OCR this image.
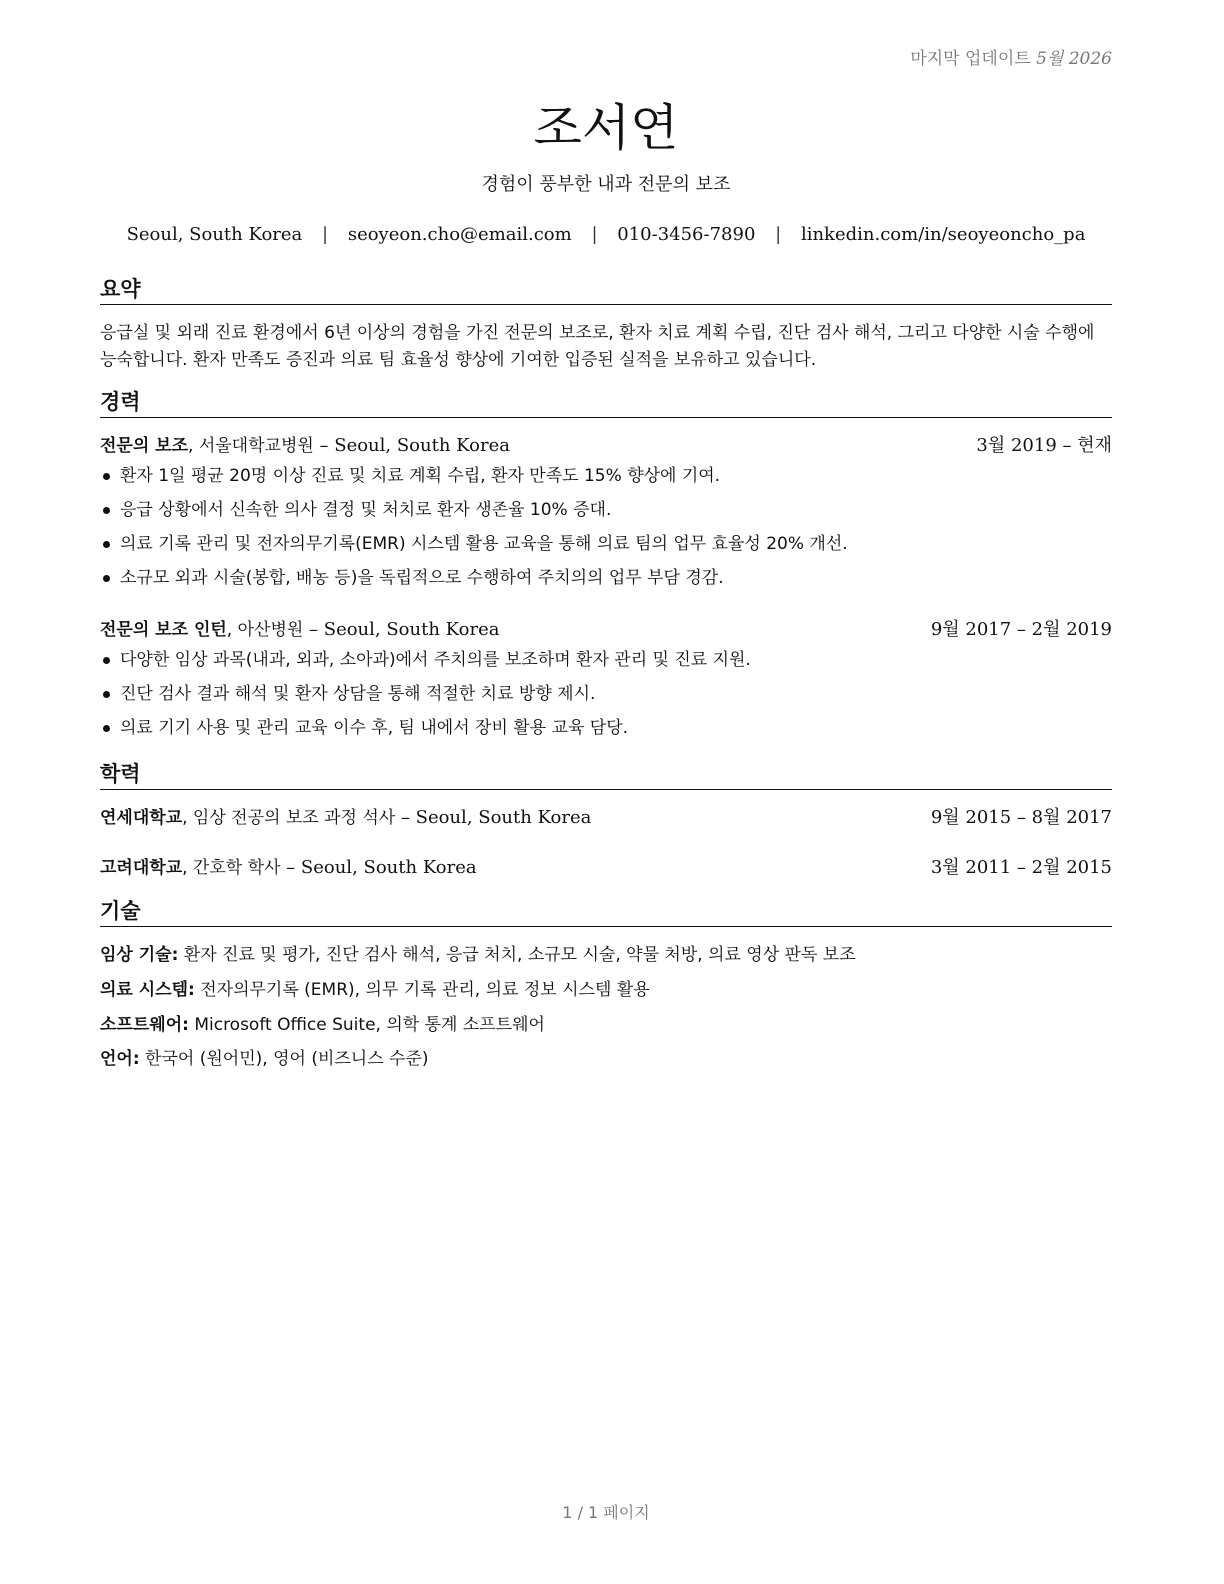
마지막 업데이트 5월 2026
조서연

경험이 풍부한 내과 전문의 보조

Seoul, South Korea | seoyeon.cho@email.com | 010-3456-7890 | linkedin.com/in/seoyeoncho_pa
요약

응급실 및 외래 진료 환경에서 6년 이상의 경험을 가진 전문의 보조로, 환자 치료 계획 수립, 진단 검사 해석, 그리고 다양한 시술 수행에 능숙합니다. 환자 만족도 증진과 의료 팀 효율성 향상에 기여한 입증된 실적을 보유하고 있습니다.

경력
전문의 보조, 서울대학교병원 – Seoul, South Korea	3월 2019 – 현재
환자 1일 평균 20명 이상 진료 및 치료 계획 수립, 환자 만족도 15% 향상에 기여.
응급 상황에서 신속한 의사 결정 및 처치로 환자 생존율 10% 증대.
의료 기록 관리 및 전자의무기록(EMR) 시스템 활용 교육을 통해 의료 팀의 업무 효율성 20% 개선.
소규모 외과 시술(봉합, 배농 등)을 독립적으로 수행하여 주치의의 업무 부담 경감.
전문의 보조 인턴, 아산병원 – Seoul, South Korea	9월 2017 – 2월 2019
다양한 임상 과목(내과, 외과, 소아과)에서 주치의를 보조하며 환자 관리 및 진료 지원.
진단 검사 결과 해석 및 환자 상담을 통해 적절한 치료 방향 제시.
의료 기기 사용 및 관리 교육 이수 후, 팀 내에서 장비 활용 교육 담당.
학력
연세대학교, 임상 전공의 보조 과정 석사 – Seoul, South Korea	9월 2015 – 8월 2017
고려대학교, 간호학 학사 – Seoul, South Korea	3월 2011 – 2월 2015
기술
임상 기술: 환자 진료 및 평가, 진단 검사 해석, 응급 처치, 소규모 시술, 약물 처방, 의료 영상 판독 보조
의료 시스템: 전자의무기록 (EMR), 의무 기록 관리, 의료 정보 시스템 활용
소프트웨어: Microsoft Office Suite, 의학 통계 소프트웨어
언어: 한국어 (원어민), 영어 (비즈니스 수준)
1 / 1 페이지
